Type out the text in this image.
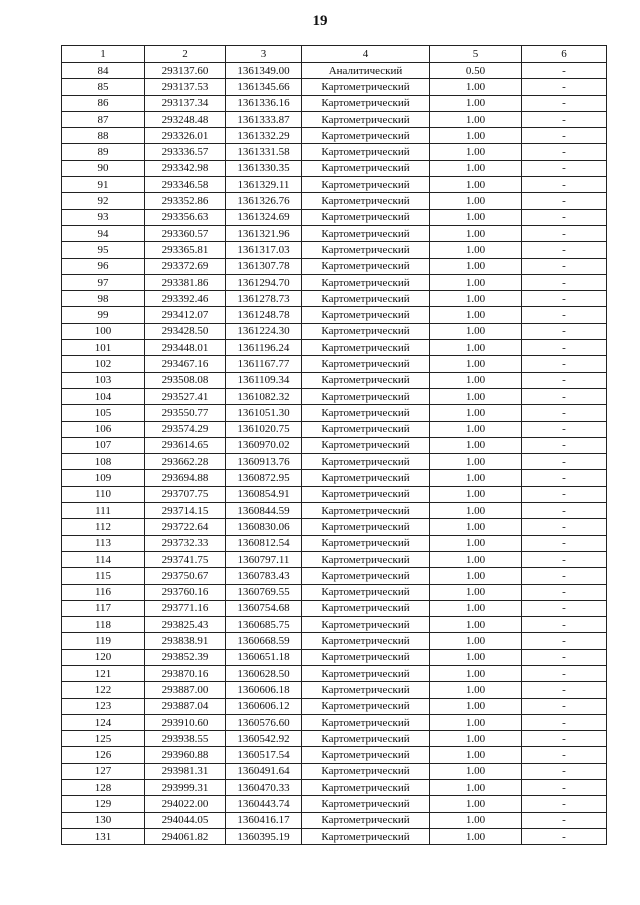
19
1	2	3	4	5	6
84	293137.60	1361349.00	Аналитический	0.50	-
85	293137.53	1361345.66	Картометрический	1.00	-
86	293137.34	1361336.16	Картометрический	1.00	-
87	293248.48	1361333.87	Картометрический	1.00	-
88	293326.01	1361332.29	Картометрический	1.00	-
89	293336.57	1361331.58	Картометрический	1.00	-
90	293342.98	1361330.35	Картометрический	1.00	-
91	293346.58	1361329.11	Картометрический	1.00	-
92	293352.86	1361326.76	Картометрический	1.00	-
93	293356.63	1361324.69	Картометрический	1.00	-
94	293360.57	1361321.96	Картометрический	1.00	-
95	293365.81	1361317.03	Картометрический	1.00	-
96	293372.69	1361307.78	Картометрический	1.00	-
97	293381.86	1361294.70	Картометрический	1.00	-
98	293392.46	1361278.73	Картометрический	1.00	-
99	293412.07	1361248.78	Картометрический	1.00	-
100	293428.50	1361224.30	Картометрический	1.00	-
101	293448.01	1361196.24	Картометрический	1.00	-
102	293467.16	1361167.77	Картометрический	1.00	-
103	293508.08	1361109.34	Картометрический	1.00	-
104	293527.41	1361082.32	Картометрический	1.00	-
105	293550.77	1361051.30	Картометрический	1.00	-
106	293574.29	1361020.75	Картометрический	1.00	-
107	293614.65	1360970.02	Картометрический	1.00	-
108	293662.28	1360913.76	Картометрический	1.00	-
109	293694.88	1360872.95	Картометрический	1.00	-
110	293707.75	1360854.91	Картометрический	1.00	-
111	293714.15	1360844.59	Картометрический	1.00	-
112	293722.64	1360830.06	Картометрический	1.00	-
113	293732.33	1360812.54	Картометрический	1.00	-
114	293741.75	1360797.11	Картометрический	1.00	-
115	293750.67	1360783.43	Картометрический	1.00	-
116	293760.16	1360769.55	Картометрический	1.00	-
117	293771.16	1360754.68	Картометрический	1.00	-
118	293825.43	1360685.75	Картометрический	1.00	-
119	293838.91	1360668.59	Картометрический	1.00	-
120	293852.39	1360651.18	Картометрический	1.00	-
121	293870.16	1360628.50	Картометрический	1.00	-
122	293887.00	1360606.18	Картометрический	1.00	-
123	293887.04	1360606.12	Картометрический	1.00	-
124	293910.60	1360576.60	Картометрический	1.00	-
125	293938.55	1360542.92	Картометрический	1.00	-
126	293960.88	1360517.54	Картометрический	1.00	-
127	293981.31	1360491.64	Картометрический	1.00	-
128	293999.31	1360470.33	Картометрический	1.00	-
129	294022.00	1360443.74	Картометрический	1.00	-
130	294044.05	1360416.17	Картометрический	1.00	-
131	294061.82	1360395.19	Картометрический	1.00	-
